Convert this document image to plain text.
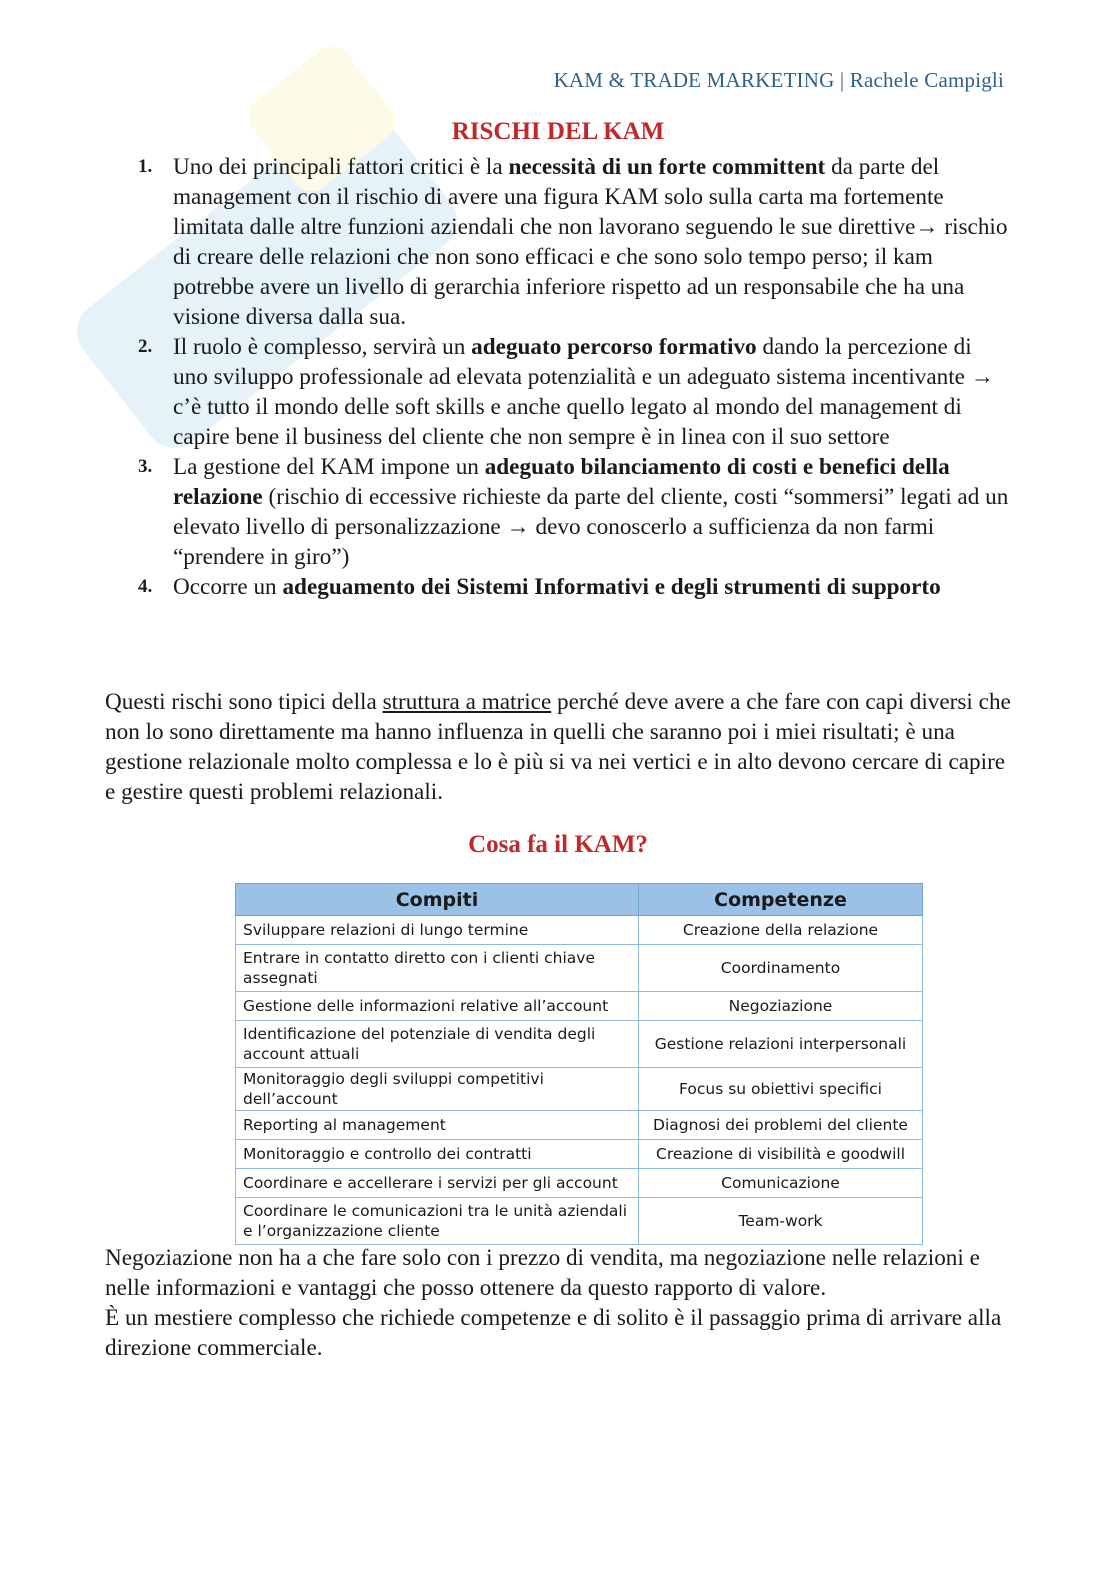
KAM & TRADE MARKETING | Rachele Campigli
RISCHI DEL KAM
1. Uno dei principali fattori critici è la necessità di un forte committent da parte del management con il rischio di avere una figura KAM solo sulla carta ma fortemente limitata dalle altre funzioni aziendali che non lavorano seguendo le sue direttive→ rischio di creare delle relazioni che non sono efficaci e che sono solo tempo perso; il kam potrebbe avere un livello di gerarchia inferiore rispetto ad un responsabile che ha una visione diversa dalla sua.
2. Il ruolo è complesso, servirà un adeguato percorso formativo dando la percezione di uno sviluppo professionale ad elevata potenzialità e un adeguato sistema incentivante → c’è tutto il mondo delle soft skills e anche quello legato al mondo del management di capire bene il business del cliente che non sempre è in linea con il suo settore
3. La gestione del KAM impone un adeguato bilanciamento di costi e benefici della relazione (rischio di eccessive richieste da parte del cliente, costi “sommersi” legati ad un elevato livello di personalizzazione → devo conoscerlo a sufficienza da non farmi “prendere in giro”)
4. Occorre un adeguamento dei Sistemi Informativi e degli strumenti di supporto

Questi rischi sono tipici della struttura a matrice perché deve avere a che fare con capi diversi che non lo sono direttamente ma hanno influenza in quelli che saranno poi i miei risultati; è una gestione relazionale molto complessa e lo è più si va nei vertici e in alto devono cercare di capire e gestire questi problemi relazionali.

Cosa fa il KAM?
Compiti	Competenze
Sviluppare relazioni di lungo termine	Creazione della relazione
Entrare in contatto diretto con i clienti chiave assegnati	Coordinamento
Gestione delle informazioni relative all’account	Negoziazione
Identificazione del potenziale di vendita degli account attuali	Gestione relazioni interpersonali
Monitoraggio degli sviluppi competitivi dell’account	Focus su obiettivi specifici
Reporting al management	Diagnosi dei problemi del cliente
Monitoraggio e controllo dei contratti	Creazione di visibilità e goodwill
Coordinare e accellerare i servizi per gli account	Comunicazione
Coordinare le comunicazioni tra le unità aziendali e l’organizzazione cliente	Team-work
Negoziazione non ha a che fare solo con i prezzo di vendita, ma negoziazione nelle relazioni e nelle informazioni e vantaggi che posso ottenere da questo rapporto di valore.
È un mestiere complesso che richiede competenze e di solito è il passaggio prima di arrivare alla direzione commerciale.
